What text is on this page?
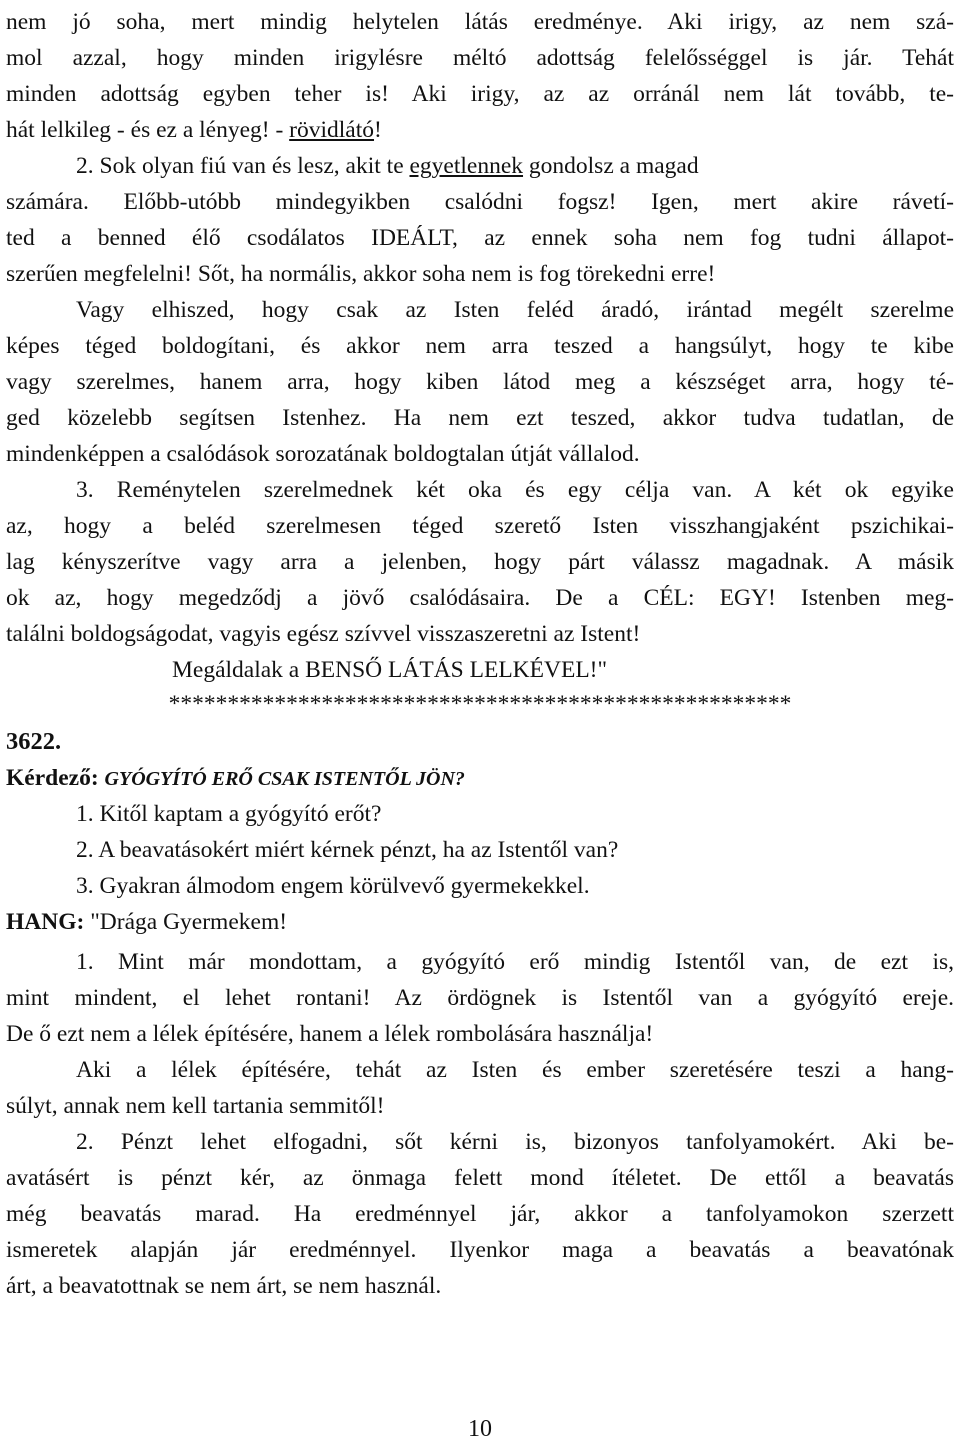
nem jó soha, mert mindig helytelen látás eredménye. Aki irigy, az nem szá-
mol azzal, hogy minden irigylésre méltó adottság felelősséggel is jár. Tehát
minden adottság egyben teher is! Aki irigy, az az orránál nem lát tovább, te-
hát lelkileg - és ez a lényeg! - rövidlátó!
2. Sok olyan fiú van és lesz, akit te egyetlennek gondolsz a magad
számára. Előbb-utóbb mindegyikben csalódni fogsz! Igen, mert akire rávetí-
ted a benned élő csodálatos IDEÁLT, az ennek soha nem fog tudni állapot-
szerűen megfelelni! Sőt, ha normális, akkor soha nem is fog törekedni erre!
Vagy elhiszed, hogy csak az Isten feléd áradó, irántad megélt szerelme
képes téged boldogítani, és akkor nem arra teszed a hangsúlyt, hogy te kibe
vagy szerelmes, hanem arra, hogy kiben látod meg a készséget arra, hogy té-
ged közelebb segítsen Istenhez. Ha nem ezt teszed, akkor tudva tudatlan, de
mindenképpen a csalódások sorozatának boldogtalan útját vállalod.
3. Reménytelen szerelmednek két oka és egy célja van. A két ok egyike
az, hogy a beléd szerelmesen téged szerető Isten visszhangjaként pszichikai-
lag kényszerítve vagy arra a jelenben, hogy párt válassz magadnak. A másik
ok az, hogy megedződj a jövő csalódásaira. De a CÉL: EGY! Istenben meg-
találni boldogságodat, vagyis egész szívvel visszaszeretni az Istent!
Megáldalak a BENSŐ LÁTÁS LELKÉVEL!"
*****************************************************
3622.
Kérdező: GYÓGYÍTÓ ERŐ CSAK ISTENTŐL JÖN?
1. Kitől kaptam a gyógyító erőt?
2. A beavatásokért miért kérnek pénzt, ha az Istentől van?
3. Gyakran álmodom engem körülvevő gyermekekkel.
HANG: "Drága Gyermekem!
1. Mint már mondottam, a gyógyító erő mindig Istentől van, de ezt is,
mint mindent, el lehet rontani! Az ördögnek is Istentől van a gyógyító ereje.
De ő ezt nem a lélek építésére, hanem a lélek rombolására használja!
Aki a lélek építésére, tehát az Isten és ember szeretésére teszi a hang-
súlyt, annak nem kell tartania semmitől!
2. Pénzt lehet elfogadni, sőt kérni is, bizonyos tanfolyamokért. Aki be-
avatásért is pénzt kér, az önmaga felett mond ítéletet. De ettől a beavatás
még beavatás marad. Ha eredménnyel jár, akkor a tanfolyamokon szerzett
ismeretek alapján jár eredménnyel. Ilyenkor maga a beavatás a beavatónak
árt, a beavatottnak se nem árt, se nem használ.
10
